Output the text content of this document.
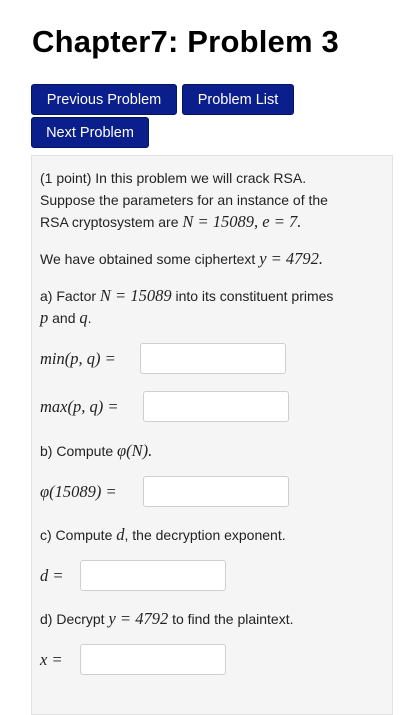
Chapter7: Problem 3
Previous Problem	Problem List
Next Problem
(1 point) In this problem we will crack RSA.
Suppose the parameters for an instance of the
RSA cryptosystem are N = 15089, e = 7.
We have obtained some ciphertext y = 4792.
a) Factor N = 15089 into its constituent primes
p and q.
min(p, q) =
max(p, q) =
b) Compute φ(N).
φ(15089) =
c) Compute d, the decryption exponent.
d =
d) Decrypt y = 4792 to find the plaintext.
x =
